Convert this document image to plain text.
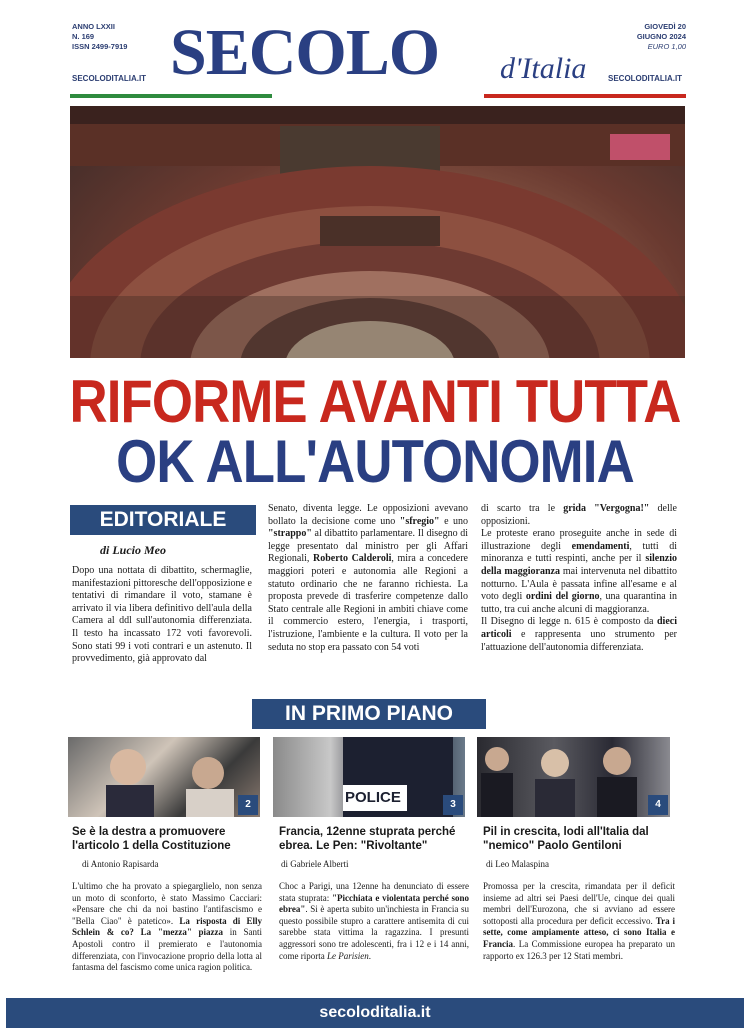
ANNO LXXII
N. 169
ISSN 2499-7919
SECOLODITALIA.IT SECOLO d'Italia
GIOVEDÌ 20
GIUGNO 2024
EURO 1,00
SECOLODITALIA.IT
RIFORME AVANTI TUTTA
OK ALL'AUTONOMIA
EDITORIALE
di Lucio Meo
Dopo una nottata di dibattito, schermaglie, manifestazioni pittoresche dell'opposizione e tentativi di rimandare il voto, stamane è arrivato il via libera definitivo dell'aula della Camera al ddl sull'autonomia differenziata. Il testo ha incassato 172 voti favorevoli. Sono stati 99 i voti contrari e un astenuto. Il provvedimento, già approvato dal
Senato, diventa legge. Le opposizioni avevano bollato la decisione come uno "sfregio" e uno "strappo" al dibattito parlamentare. Il disegno di legge presentato dal ministro per gli Affari Regionali, Roberto Calderoli, mira a concedere maggiori poteri e autonomia alle Regioni a statuto ordinario che ne faranno richiesta. La proposta prevede di trasferire competenze dallo Stato centrale alle Regioni in ambiti chiave come il commercio estero, l'energia, i trasporti, l'istruzione, l'ambiente e la cultura. Il voto per la seduta no stop era passato con 54 voti
di scarto tra le grida "Vergogna!" delle opposizioni.
Le proteste erano proseguite anche in sede di illustrazione degli emendamenti, tutti di minoranza e tutti respinti, anche per il silenzio della maggioranza mai intervenuta nel dibattito notturno. L'Aula è passata infine all'esame e al voto degli ordini del giorno, una quarantina in tutto, tra cui anche alcuni di maggioranza.
Il Disegno di legge n. 615 è composto da dieci articoli e rappresenta uno strumento per l'attuazione dell'autonomia differenziata.
IN PRIMO PIANO
2
Se è la destra a promuovere l'articolo 1 della Costituzione
di Antonio Rapisarda
L'ultimo che ha provato a spiegarglielo, non senza un moto di sconforto, è stato Massimo Cacciari: «Pensare che chi da noi bastino l'antifascismo e "Bella Ciao" è patetico». La risposta di Elly Schlein & co? La "mezza" piazza in Santi Apostoli contro il premierato e l'autonomia differenziata, con l'invocazione proprio della lotta al fantasma del fascismo come unica ragion politica.
POLICE	3
Francia, 12enne stuprata perché ebrea. Le Pen: "Rivoltante"
di Gabriele Alberti
Choc a Parigi, una 12enne ha denunciato di essere stata stuprata: "Picchiata e violentata perché sono ebrea". Si è aperta subito un'inchiesta in Francia su questo possibile stupro a carattere antisemita di cui sarebbe stata vittima la ragazzina. I presunti aggressori sono tre adolescenti, fra i 12 e i 14 anni, come riporta Le Parisien.
4
Pil in crescita, lodi all'Italia dal "nemico" Paolo Gentiloni
di Leo Malaspina
Promossa per la crescita, rimandata per il deficit insieme ad altri sei Paesi dell'Ue, cinque dei quali membri dell'Eurozona, che si avviano ad essere sottoposti alla procedura per deficit eccessivo. Tra i sette, come ampiamente atteso, ci sono Italia e Francia. La Commissione europea ha preparato un rapporto ex 126.3 per 12 Stati membri.
secoloditalia.it
